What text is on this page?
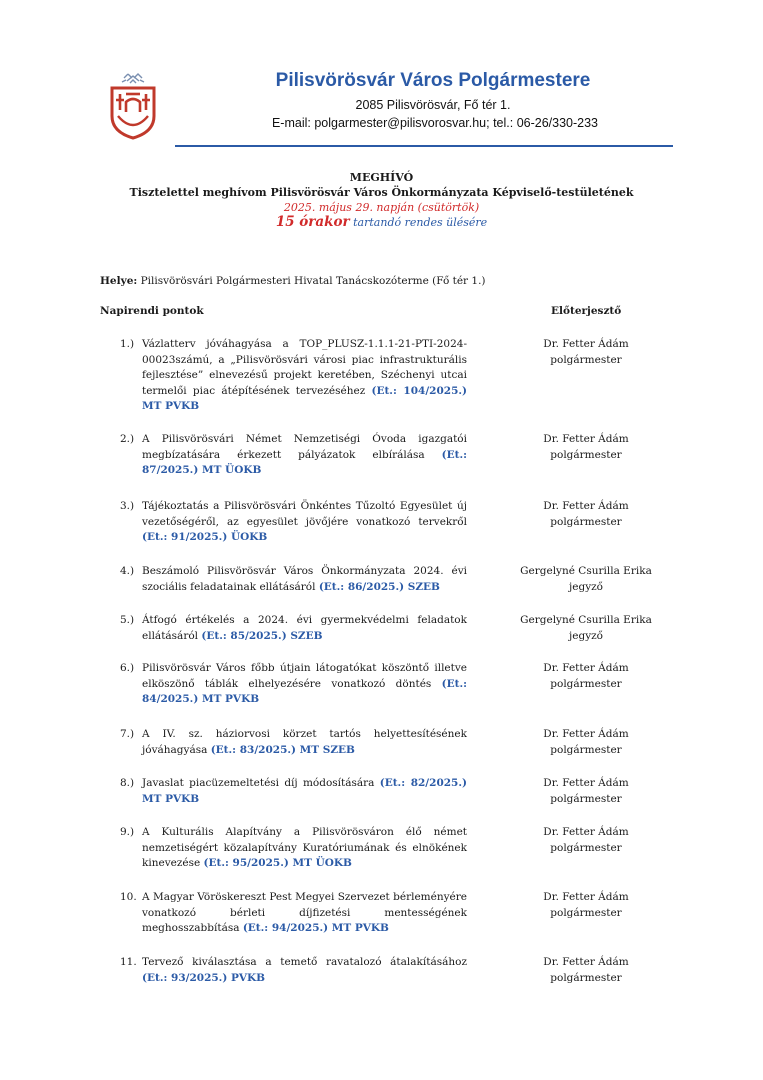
Pilisvörösvár Város Polgármestere
2085 Pilisvörösvár, Fő tér 1.
E-mail: polgarmester@pilisvorosvar.hu; tel.: 06-26/330-233
MEGHÍVÓ
Tisztelettel meghívom Pilisvörösvár Város Önkormányzata Képviselő-testületének
2025. május 29. napján (csütörtök)
15 órakor tartandó rendes ülésére
Helye: Pilisvörösvári Polgármesteri Hivatal Tanácskozóterme (Fő tér 1.)
Napirendi pontok	Előterjesztő
1.) Vázlatterv jóváhagyása a TOP_PLUSZ-1.1.1-21-PTI-2024-00023számú, a „Pilisvörösvári városi piac infrastrukturális fejlesztése” elnevezésű projekt keretében, Széchenyi utcai termelői piac átépítésének tervezéséhez (Et.: 104/2025.) MT PVKB
Dr. Fetter Ádám
polgármester
2.) A Pilisvörösvári Német Nemzetiségi Óvoda igazgatói megbízatására érkezett pályázatok elbírálása (Et.: 87/2025.) MT ÜOKB
Dr. Fetter Ádám
polgármester
3.) Tájékoztatás a Pilisvörösvári Önkéntes Tűzoltó Egyesület új vezetőségéről, az egyesület jövőjére vonatkozó tervekről (Et.: 91/2025.) ÜOKB
Dr. Fetter Ádám
polgármester
4.) Beszámoló Pilisvörösvár Város Önkormányzata 2024. évi szociális feladatainak ellátásáról (Et.: 86/2025.) SZEB
Gergelyné Csurilla Erika
jegyző
5.) Átfogó értékelés a 2024. évi gyermekvédelmi feladatok ellátásáról (Et.: 85/2025.) SZEB
Gergelyné Csurilla Erika
jegyző
6.) Pilisvörösvár Város főbb útjain látogatókat köszöntő illetve elköszönő táblák elhelyezésére vonatkozó döntés (Et.: 84/2025.) MT PVKB
Dr. Fetter Ádám
polgármester
7.) A IV. sz. háziorvosi körzet tartós helyettesítésének jóváhagyása (Et.: 83/2025.) MT SZEB
Dr. Fetter Ádám
polgármester
8.) Javaslat piacüzemeltetési díj módosítására (Et.: 82/2025.) MT PVKB
Dr. Fetter Ádám
polgármester
9.) A Kulturális Alapítvány a Pilisvörösváron élő német nemzetiségért közalapítvány Kuratóriumának és elnökének kinevezése (Et.: 95/2025.) MT ÜOKB
Dr. Fetter Ádám
polgármester
10. A Magyar Vöröskereszt Pest Megyei Szervezet bérleményére vonatkozó bérleti díjfizetési mentességének meghosszabbítása (Et.: 94/2025.) MT PVKB
Dr. Fetter Ádám
polgármester
11. Tervező kiválasztása a temető ravatalozó átalakításához (Et.: 93/2025.) PVKB
Dr. Fetter Ádám
polgármester
